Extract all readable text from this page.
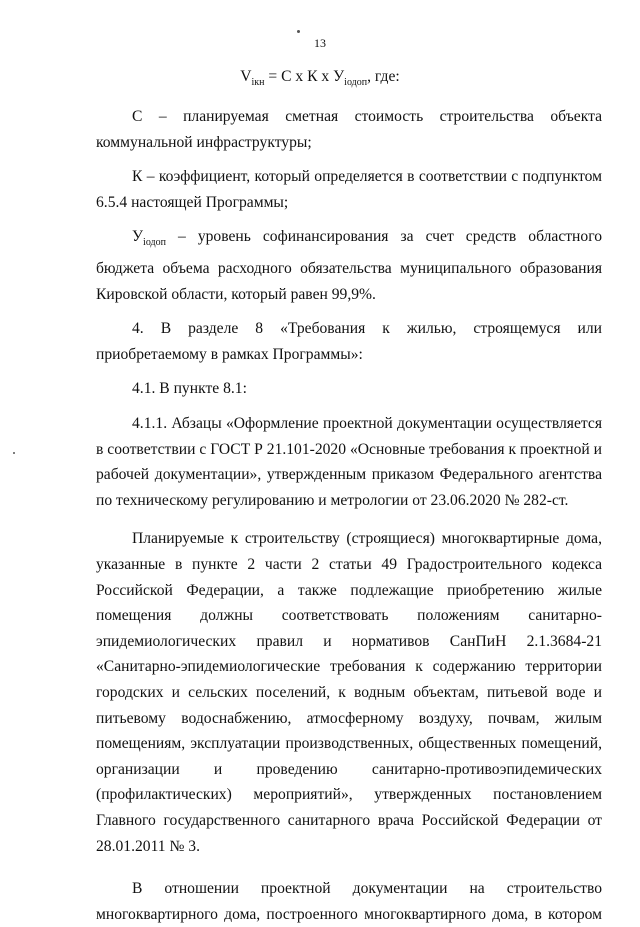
13
$V_{ікн} = С$ х К х $У_{iодоп}$, где:

С – планируемая сметная стоимость строительства объекта коммунальной инфраструктуры;

К – коэффициент, который определяется в соответствии с подпунктом 6.5.4 настоящей Программы;

$У_{iодоп}$ – уровень софинансирования за счет средств областного бюджета объема расходного обязательства муниципального образования Кировской области, который равен 99,9%.

4. В разделе 8 «Требования к жилью, строящемуся или приобретаемому в рамках Программы»:

4.1. В пункте 8.1:

4.1.1. Абзацы «Оформление проектной документации осуществляется в соответствии с ГОСТ Р 21.101-2020 «Основные требования к проектной и рабочей документации», утвержденным приказом Федерального агентства по техническому регулированию и метрологии от 23.06.2020 № 282-ст.

Планируемые к строительству (строящиеся) многоквартирные дома, указанные в пункте 2 части 2 статьи 49 Градостроительного кодекса Российской Федерации, а также подлежащие приобретению жилые помещения должны соответствовать положениям санитарно-эпидемиологических правил и нормативов СанПиН 2.1.3684-21 «Санитарно-эпидемиологические требования к содержанию территории городских и сельских поселений, к водным объектам, питьевой воде и питьевому водоснабжению, атмосферному воздуху, почвам, жилым помещениям, эксплуатации производственных, общественных помещений, организации и проведению санитарно-противоэпидемических (профилактических) мероприятий», утвержденных постановлением Главного государственного санитарного врача Российской Федерации от 28.01.2011 № 3.

В отношении проектной документации на строительство многоквартирного дома, построенного многоквартирного дома, в котором
